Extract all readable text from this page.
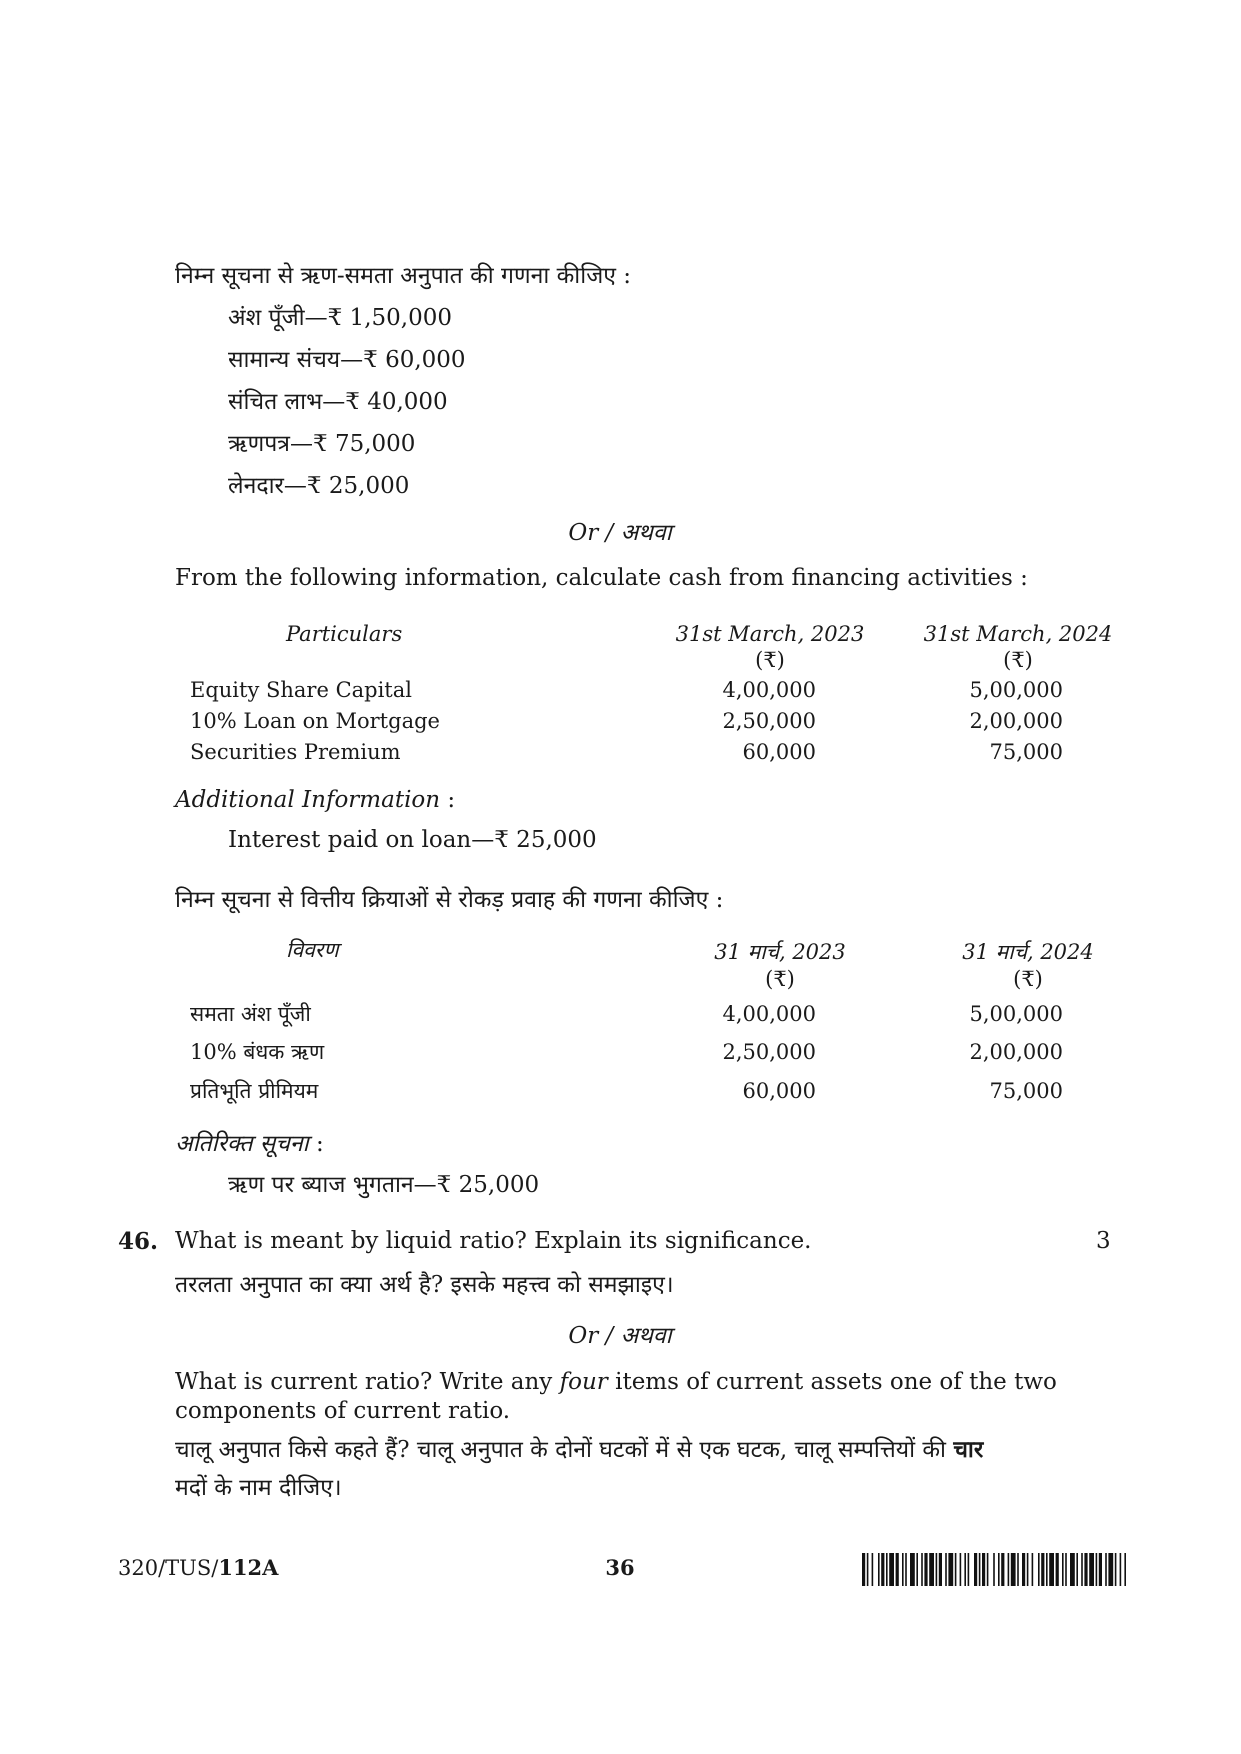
निम्न सूचना से ऋण-समता अनुपात की गणना कीजिए :
अंश पूँजी—₹ 1,50,000
सामान्य संचय—₹ 60,000
संचित लाभ—₹ 40,000
ऋणपत्र—₹ 75,000
लेनदार—₹ 25,000
Or / अथवा
From the following information, calculate cash from financing activities :
Particulars	31st March, 2023	31st March, 2024
(₹)	(₹)
Equity Share Capital	4,00,000	5,00,000
10% Loan on Mortgage	2,50,000	2,00,000
Securities Premium	60,000	75,000
Additional Information :
Interest paid on loan—₹ 25,000
निम्न सूचना से वित्तीय क्रियाओं से रोकड़ प्रवाह की गणना कीजिए :
विवरण	31 मार्च, 2023	31 मार्च, 2024
(₹)	(₹)
समता अंश पूँजी	4,00,000	5,00,000
10% बंधक ऋण	2,50,000	2,00,000
प्रतिभूति प्रीमियम	60,000	75,000
अतिरिक्त सूचना :
ऋण पर ब्याज भुगतान—₹ 25,000
46. What is meant by liquid ratio? Explain its significance.	3
तरलता अनुपात का क्या अर्थ है? इसके महत्त्व को समझाइए।
Or / अथवा
What is current ratio? Write any four items of current assets one of the two
components of current ratio.
चालू अनुपात किसे कहते हैं? चालू अनुपात के दोनों घटकों में से एक घटक, चालू सम्पत्तियों की चार
मदों के नाम दीजिए।
320/TUS/112A	36
